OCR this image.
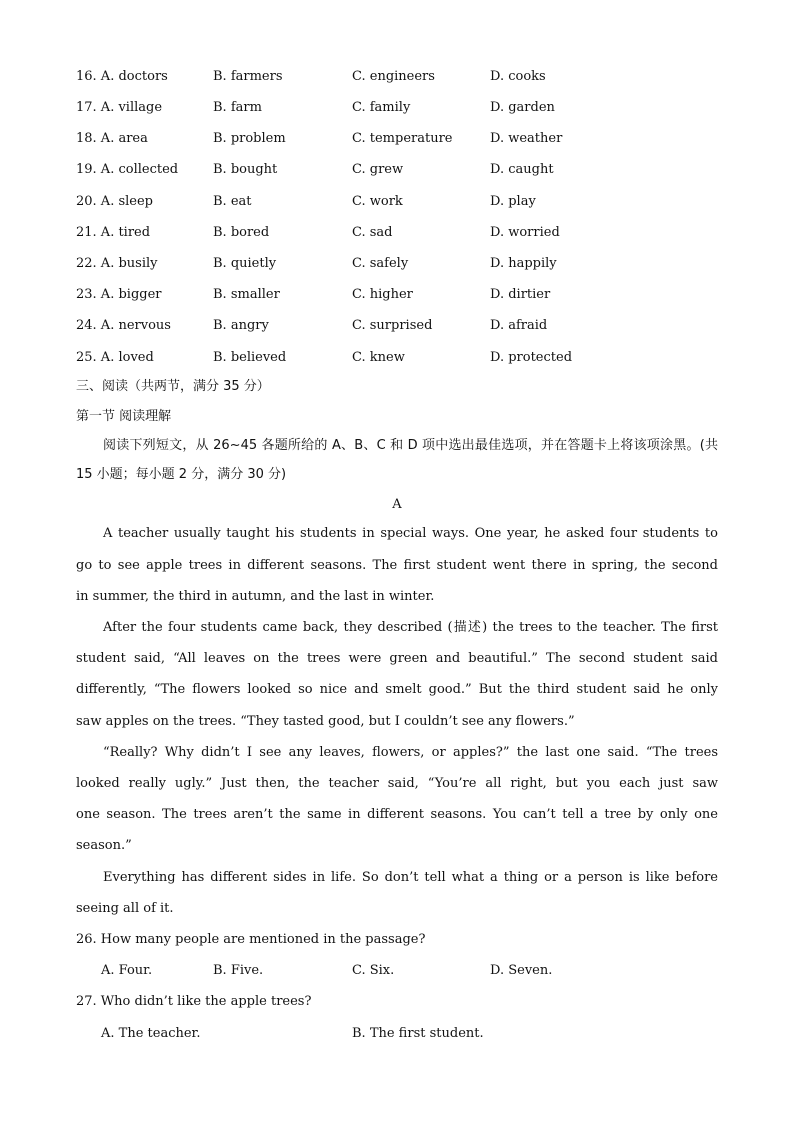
16. A. doctors	B. farmers	C. engineers	D. cooks
17. A. village	B. farm	C. family	D. garden
18. A. area	B. problem	C. temperature	D. weather
19. A. collected	B. bought	C. grew	D. caught
20. A. sleep	B. eat	C. work	D. play
21. A. tired	B. bored	C. sad	D. worried
22. A. busily	B. quietly	C. safely	D. happily
23. A. bigger	B. smaller	C. higher	D. dirtier
24. A. nervous	B. angry	C. surprised	D. afraid
25. A. loved	B. believed	C. knew	D. protected
三、阅读（共两节，满分 35 分）
第一节 阅读理解
阅读下列短文，从 26~45 各题所给的 A、B、C 和 D 项中选出最佳选项，并在答题卡上将该项涂黑。(共
15 小题；每小题 2 分，满分 30 分)
A
A teacher usually taught his students in special ways. One year, he asked four students to
go to see apple trees in different seasons. The first student went there in spring, the second
in summer, the third in autumn, and the last in winter.
After the four students came back, they described (描述) the trees to the teacher. The first
student said, “All leaves on the trees were green and beautiful.” The second student said
differently, “The flowers looked so nice and smelt good.” But the third student said he only
saw apples on the trees. “They tasted good, but I couldn’t see any flowers.”
“Really? Why didn’t I see any leaves, flowers, or apples?” the last one said. “The trees
looked really ugly.” Just then, the teacher said, “You’re all right, but you each just saw
one season. The trees aren’t the same in different seasons. You can’t tell a tree by only one
season.”
Everything has different sides in life. So don’t tell what a thing or a person is like before
seeing all of it.
26. How many people are mentioned in the passage?
A. Four.	B. Five.	C. Six.	D. Seven.
27. Who didn’t like the apple trees?
A. The teacher.	B. The first student.
